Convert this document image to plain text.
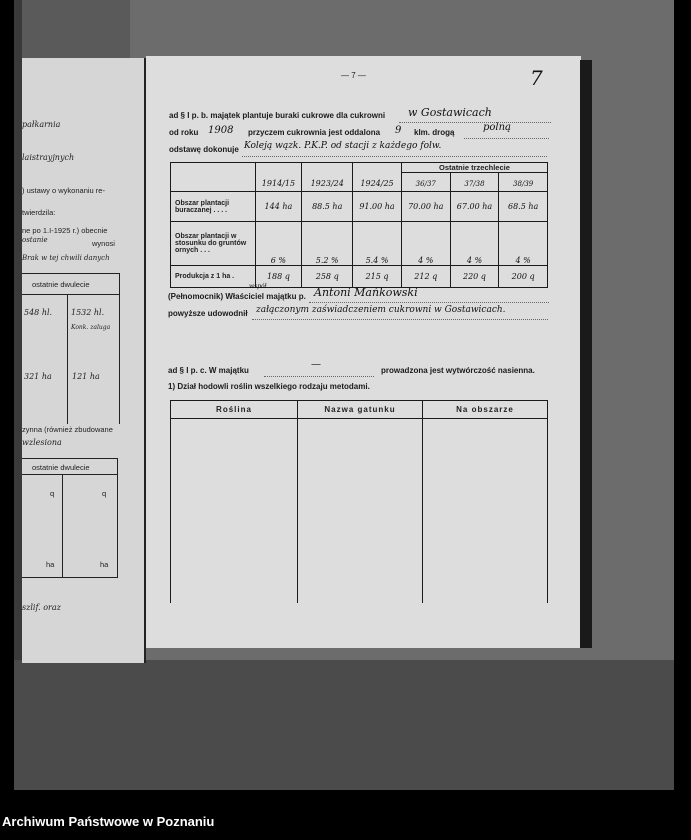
pałkarnia
laistrayjnych
) ustawy o wykonaniu re-
twierdzila:
ne po 1.I-1925 r.) obecnie
ostanie	wynosi
Brak w tej chwili danych
ostatnie dwulecie
548 hl. 1532 hl.
Konk. zaluga
321 ha	121 ha
zynna (również zbudowane
wzlesiona
ostatnie dwulecie
q	q
ha	ha
szlif. oraz
— 7 —	7
ad § I p. b. majątek plantuje buraki cukrowe dla cukrowni w Gostawicach
od roku 1908 przyczem cukrownia jest oddalona 9 klm. drogą	polną
odstawę dokonuje Koleją wązk. P.K.P. od stacji z każdego folw.
	1914/15	1923/24	1924/25	Ostatnie trzechlecie		
				36/37	37/38	38/39
Obszar plantacji buraczanej . . . .	144 ha	88.5 ha	91.00 ha	70.00 ha	67.00 ha	68.5 ha
Obszar plantacji w stosunku do gruntów ornych . . .	6 %	5.2 %	5.4 %	4 %	4 %	4 %
Produkcja z 1 ha .	188 q	258 q	215 q	212 q	220 q	200 q
współ
(Pełnomocnik) Właściciel majątku p. Antoni Mańkowski
powyższe udowodnił załączonym zaświadczeniem cukrowni w Gostawicach.
ad § I p. c. W majątku
—
prowadzona jest wytwórczość nasienna.
1) Dział hodowli roślin wszelkiego rodzaju metodami.
Roślina	Nazwa gatunku	Na obszarze

Archiwum Państwowe w Poznaniu
